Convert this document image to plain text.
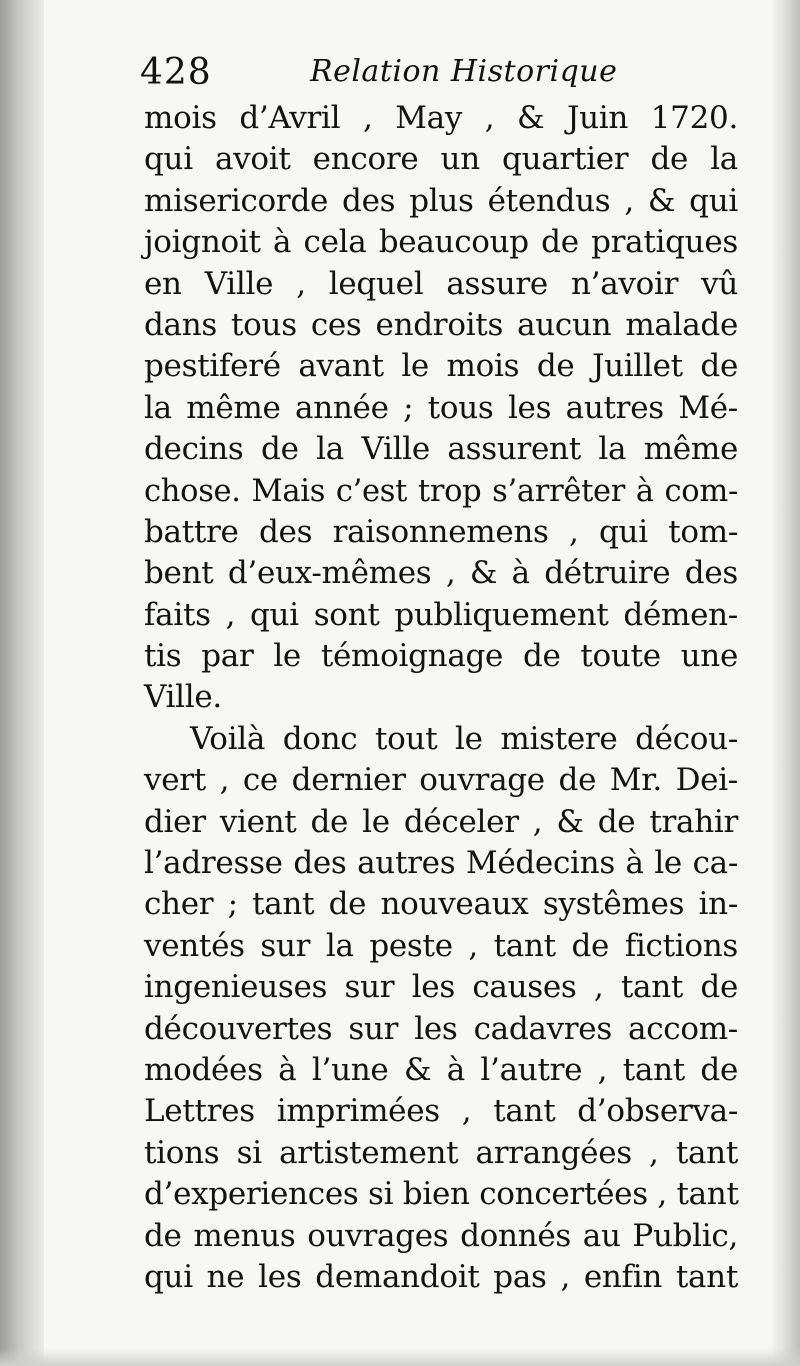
428	Relation Historique
mois d’Avril , May , & Juin 1720.
qui avoit encore un quartier de la
misericorde des plus étendus , & qui
joignoit à cela beaucoup de pratiques
en Ville , lequel assure n’avoir vû
dans tous ces endroits aucun malade
pestiferé avant le mois de Juillet de
la même année ; tous les autres Mé-
decins de la Ville assurent la même
chose. Mais c’est trop s’arrêter à com-
battre des raisonnemens , qui tom-
bent d’eux-mêmes , & à détruire des
faits , qui sont publiquement démen-
tis par le témoignage de toute une
Ville.
Voilà donc tout le mistere décou-
vert , ce dernier ouvrage de Mr. Dei-
dier vient de le déceler , & de trahir
l’adresse des autres Médecins à le ca-
cher ; tant de nouveaux systêmes in-
ventés sur la peste , tant de fictions
ingenieuses sur les causes , tant de
découvertes sur les cadavres accom-
modées à l’une & à l’autre , tant de
Lettres imprimées , tant d’observa-
tions si artistement arrangées , tant
d’experiences si bien concertées , tant
de menus ouvrages donnés au Public,
qui ne les demandoit pas , enfin tant
